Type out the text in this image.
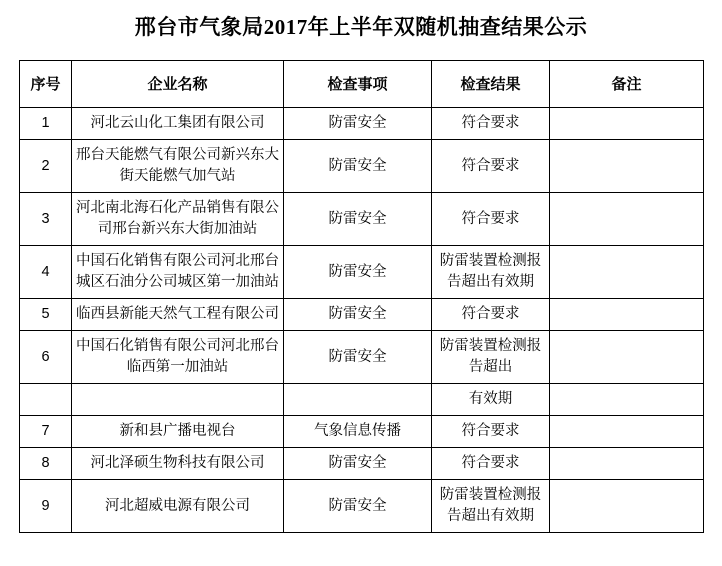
邢台市气象局2017年上半年双随机抽查结果公示
序号	企业名称	检查事项	检查结果	备注
1	河北云山化工集团有限公司	防雷安全	符合要求	
2	邢台天能燃气有限公司新兴东大街天能燃气加气站	防雷安全	符合要求	
3	河北南北海石化产品销售有限公司邢台新兴东大街加油站	防雷安全	符合要求	
4	中国石化销售有限公司河北邢台城区石油分公司城区第一加油站	防雷安全	防雷装置检测报告超出有效期	
5	临西县新能天然气工程有限公司	防雷安全	符合要求	
6	中国石化销售有限公司河北邢台临西第一加油站	防雷安全	防雷装置检测报告超出	
			有效期	
7	新和县广播电视台	气象信息传播	符合要求	
8	河北泽硕生物科技有限公司	防雷安全	符合要求	
9	河北超威电源有限公司	防雷安全	防雷装置检测报告超出有效期	
